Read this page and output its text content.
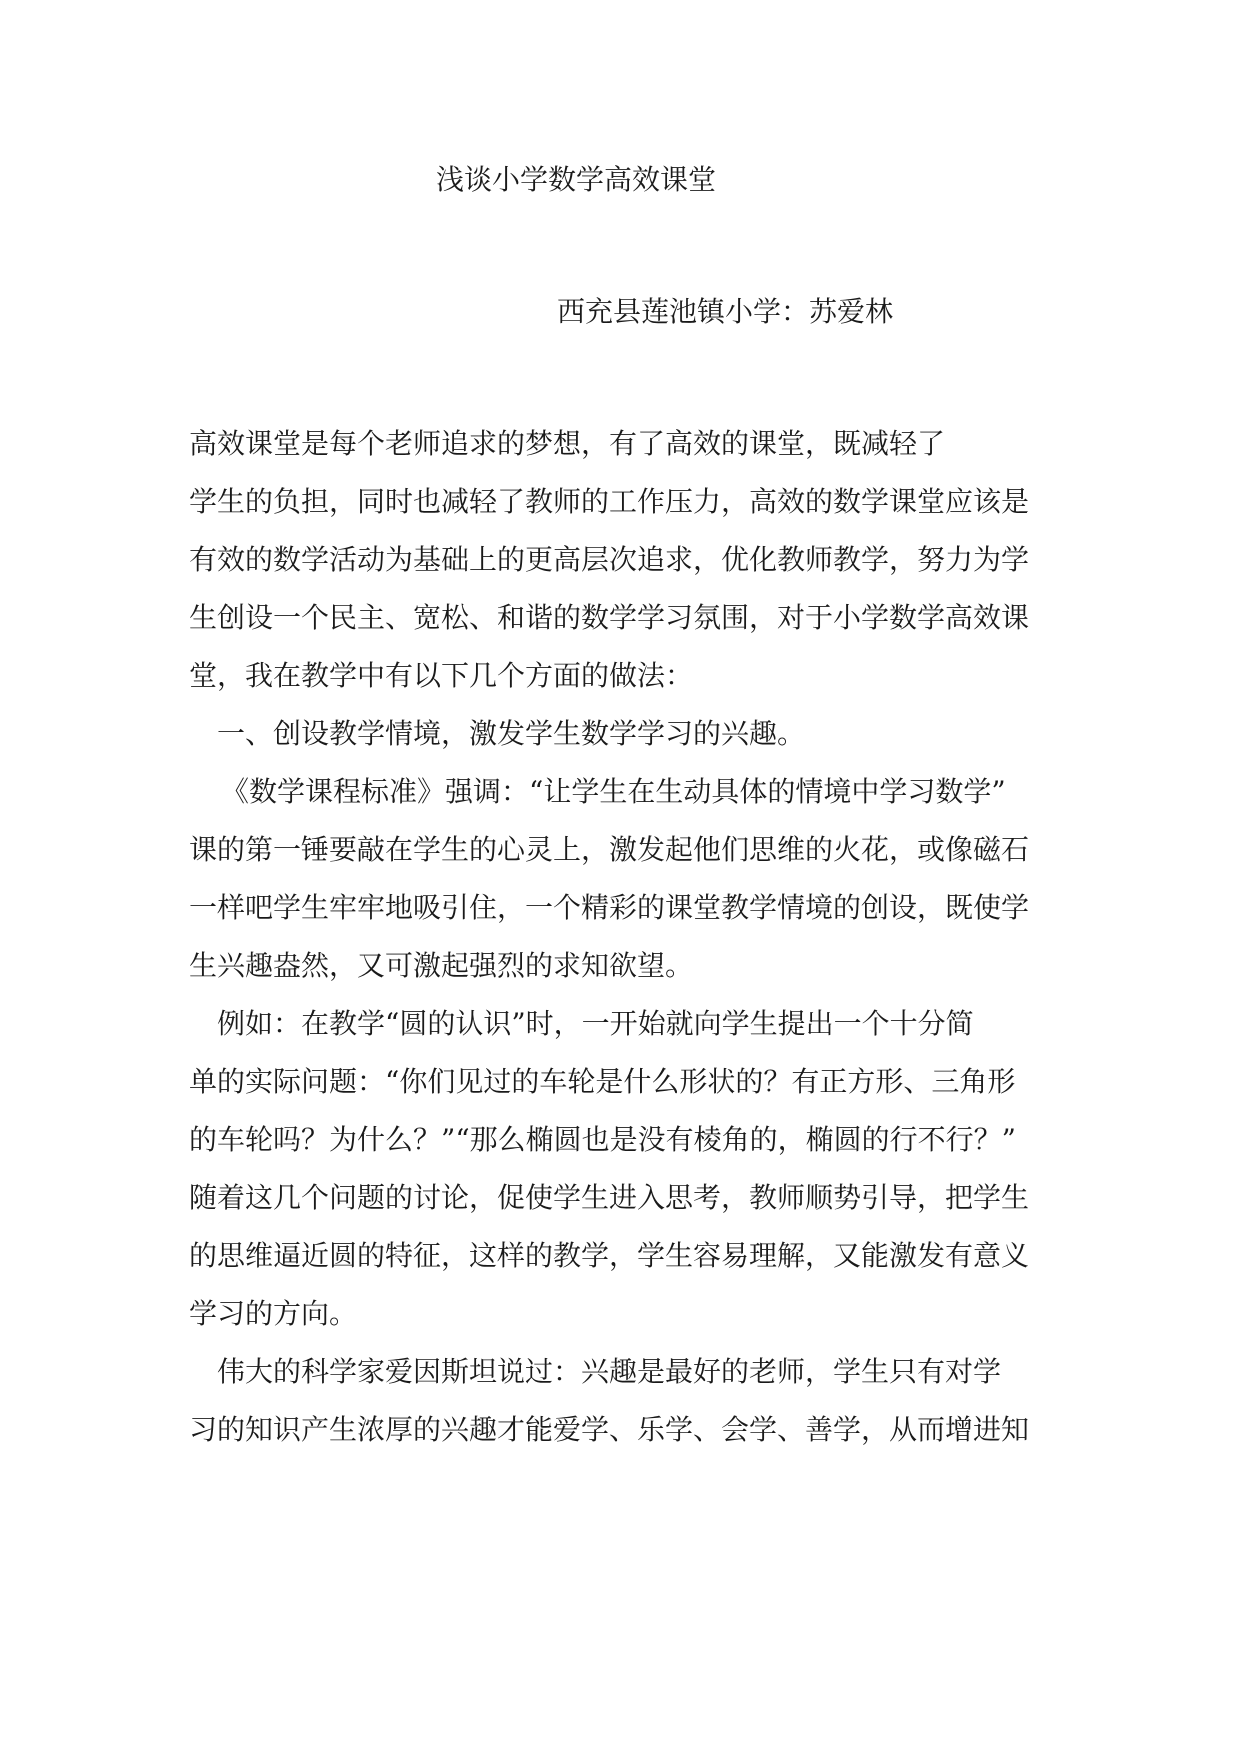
浅谈小学数学高效课堂

西充县莲池镇小学：苏爱林

高效课堂是每个老师追求的梦想，有了高效的课堂，既减轻了

学生的负担，同时也减轻了教师的工作压力，高效的数学课堂应该是

有效的数学活动为基础上的更高层次追求，优化教师教学，努力为学

生创设一个民主、宽松、和谐的数学学习氛围，对于小学数学高效课

堂，我在教学中有以下几个方面的做法：

　一、创设教学情境，激发学生数学学习的兴趣。

《数学课程标准》强调：“让学生在生动具体的情境中学习数学”

课的第一锤要敲在学生的心灵上，激发起他们思维的火花，或像磁石

一样吧学生牢牢地吸引住，一个精彩的课堂教学情境的创设，既使学

生兴趣盎然，又可激起强烈的求知欲望。

　例如：在教学“圆的认识”时，一开始就向学生提出一个十分简

单的实际问题：“你们见过的车轮是什么形状的？有正方形、三角形

的车轮吗？为什么？”“那么椭圆也是没有棱角的，椭圆的行不行？”

随着这几个问题的讨论，促使学生进入思考，教师顺势引导，把学生

的思维逼近圆的特征，这样的教学，学生容易理解，又能激发有意义

学习的方向。

　伟大的科学家爱因斯坦说过：兴趣是最好的老师，学生只有对学

习的知识产生浓厚的兴趣才能爱学、乐学、会学、善学，从而增进知
